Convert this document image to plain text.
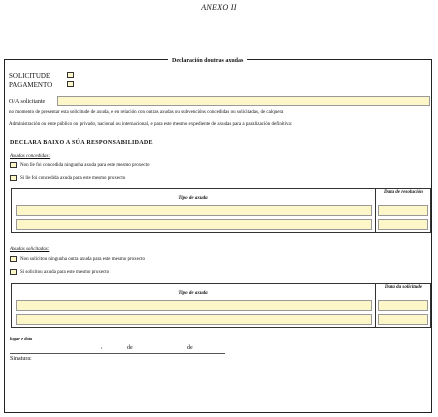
ANEXO II
Declaración doutras axudas
SOLICITUDE
PAGAMENTO
O/A solicitante
no momento de presentar esta solicitude de axuda, e en relación con outras axudas ou subvencións concedidas ou solicitadas, de calquera
Administración ou ente público ou privado, nacional ou internacional, e para este mesmo expediente de axudas para a paralización definitiva:
DECLARA BAIXO A SÚA RESPONSABILIDADE
Axudas concedidas:
Non lle foi concedida ningunha axuda para este mesmo proxecto
Si lle foi concedida axuda para este mesmo proxecto
Tipo de axuda
Data de resolución
Axudas solicitadas:
Non solicitou ningunha outra axuda para este mesmo proxecto
Si solicitou axuda para este mesmo proxecto
Tipo de axuda
Data da solicitude
lugar e data
,	de	de
Sinatura:
